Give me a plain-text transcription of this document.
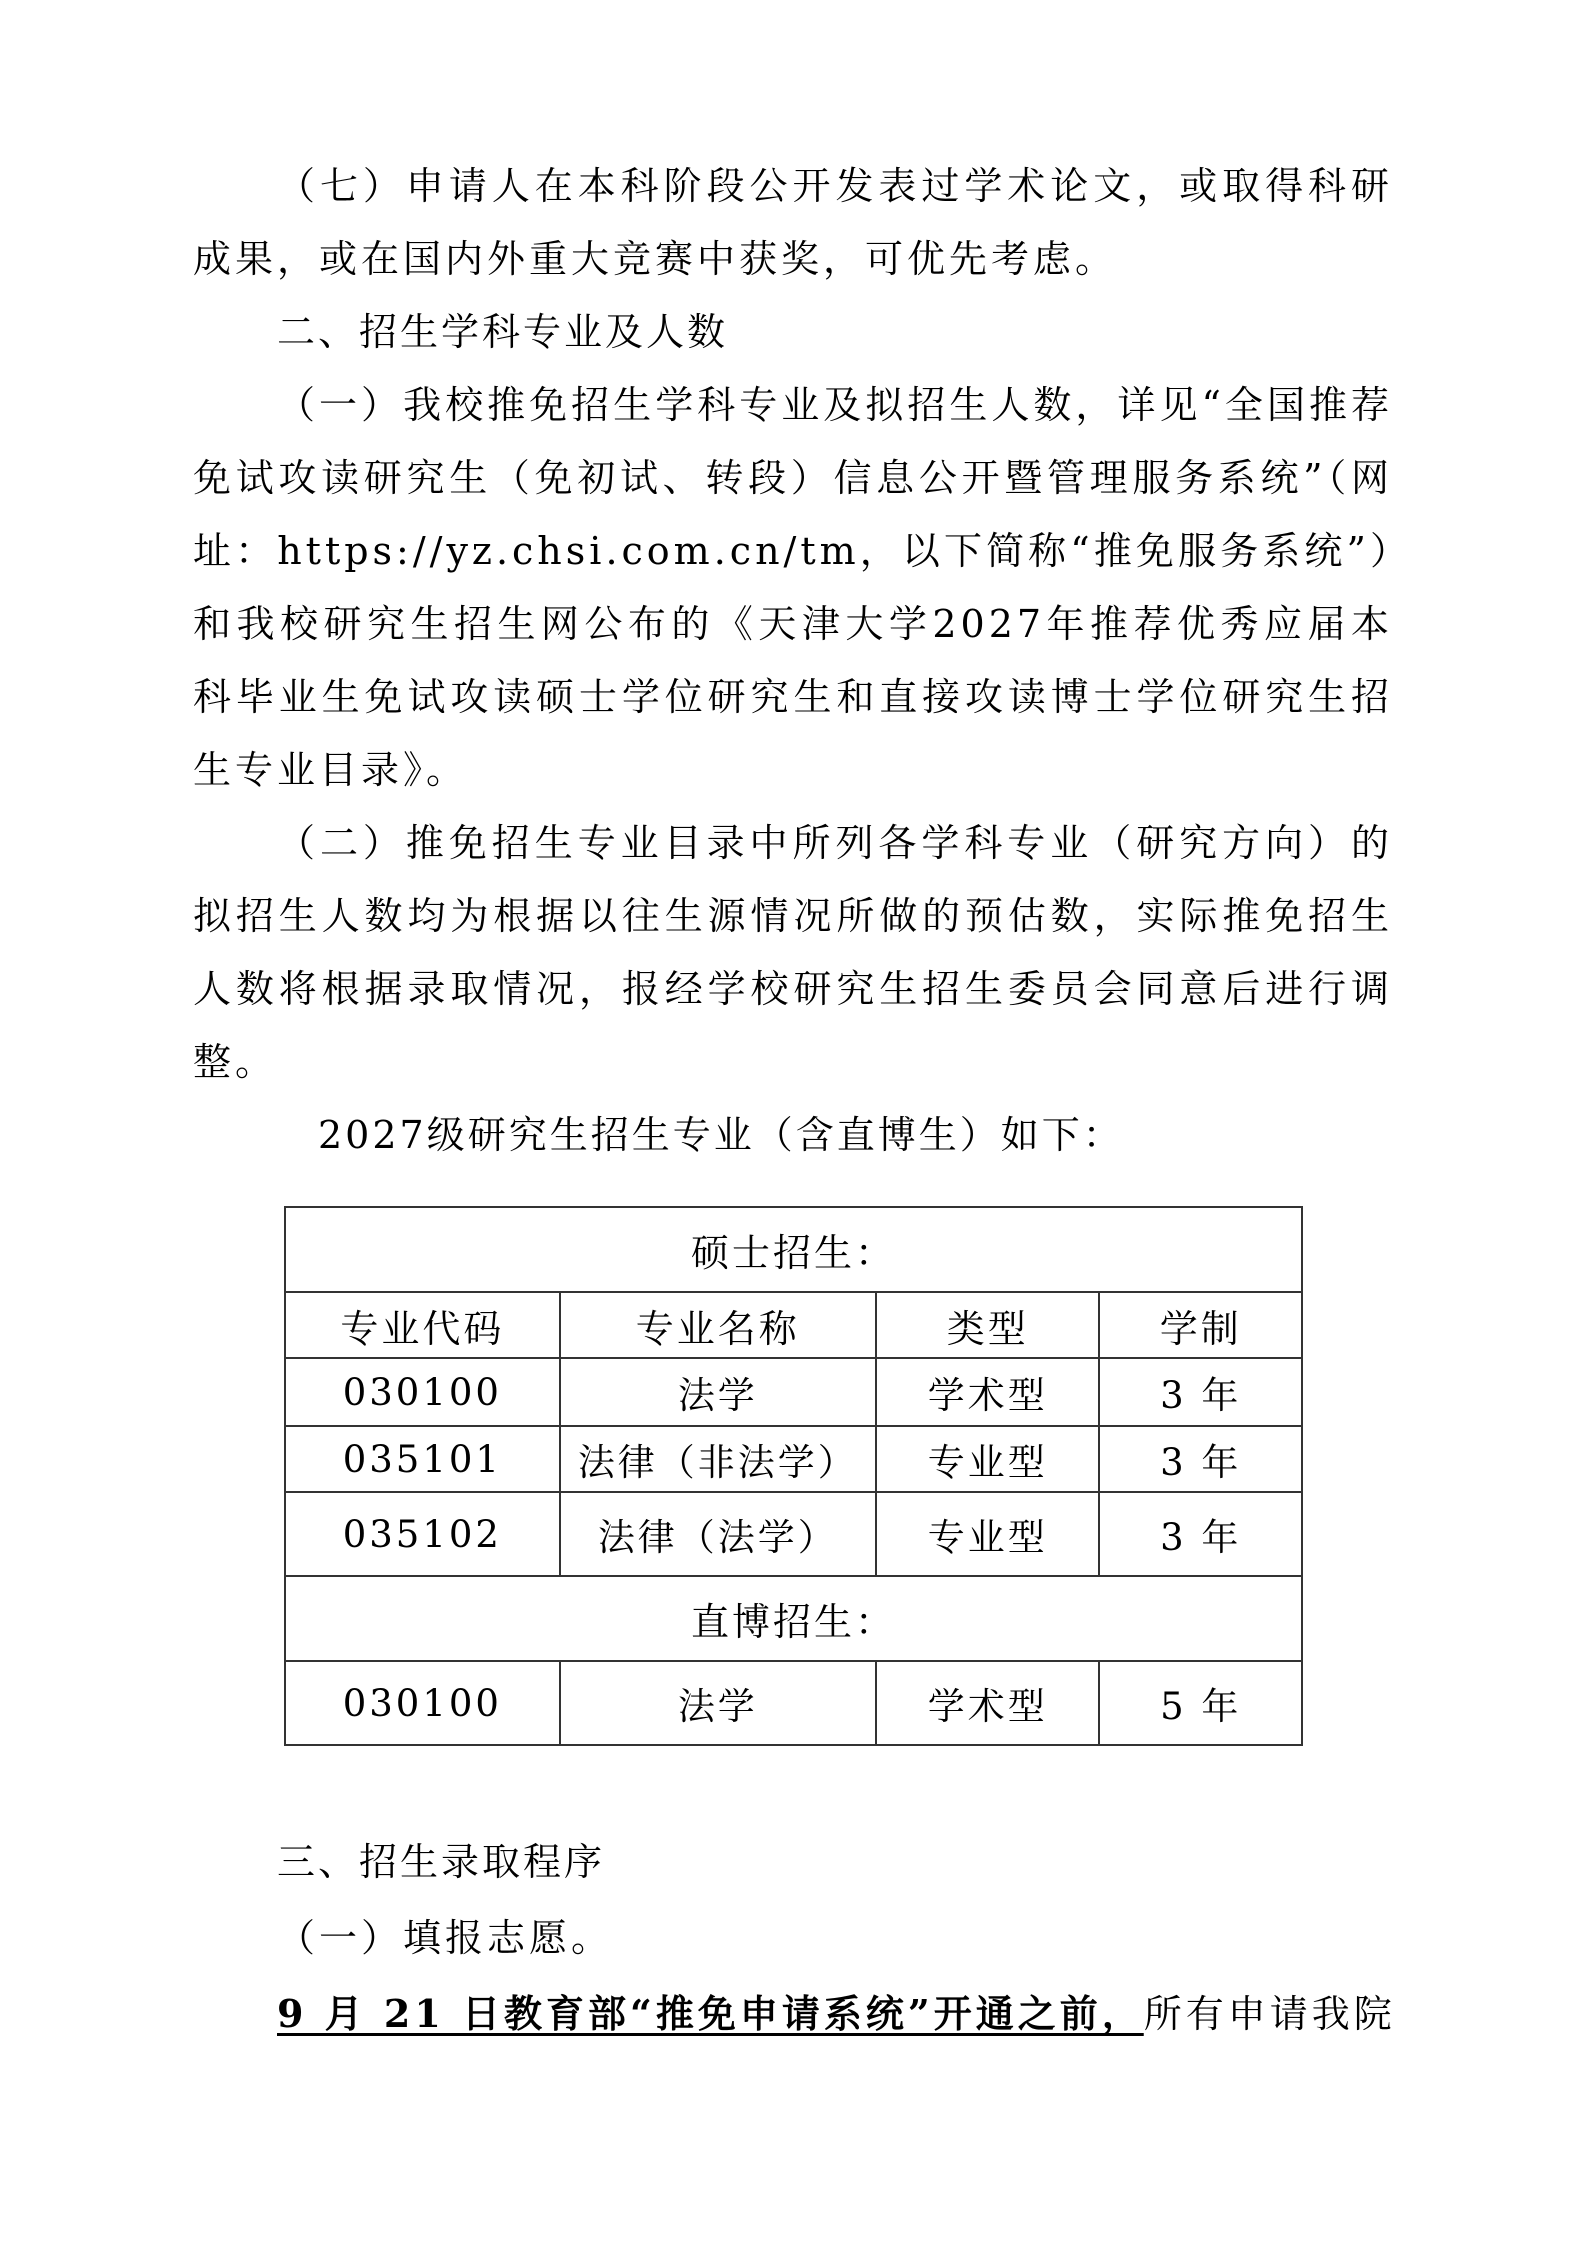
（七）申请人在本科阶段公开发表过学术论文，或取得科研成果，或在国内外重大竞赛中获奖，可优先考虑。

二、招生学科专业及人数

（一）我校推免招生学科专业及拟招生人数，详见“全国推荐免试攻读研究生（免初试、转段）信息公开暨管理服务系统”（网址：https://yz.chsi.com.cn/tm，以下简称“推免服务系统”）和我校研究生招生网公布的《天津大学2027年推荐优秀应届本科毕业生免试攻读硕士学位研究生和直接攻读博士学位研究生招生专业目录》。

（二）推免招生专业目录中所列各学科专业（研究方向）的拟招生人数均为根据以往生源情况所做的预估数，实际推免招生人数将根据录取情况，报经学校研究生招生委员会同意后进行调整。

2027级研究生招生专业（含直博生）如下：

硕士招生：			
专业代码	专业名称	类型	学制
030100	法学	学术型	3 年
035101	法律（非法学）	专业型	3 年
035102	法律（法学）	专业型	3 年
直博招生：			
030100	法学	学术型	5 年

三、招生录取程序

（一）填报志愿。

9 月 21 日教育部“推免申请系统”开通之前，所有申请我院
